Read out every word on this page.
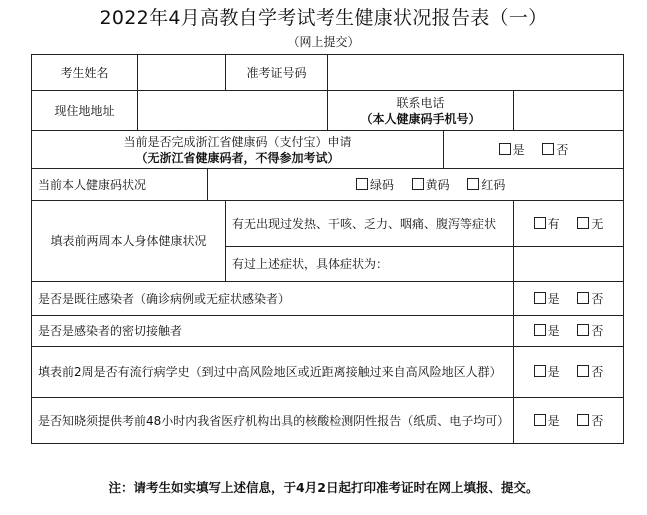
2022年4月高教自学考试考生健康状况报告表（一）
（网上提交）
考生姓名			准考证号码			
现住地地址				联系电话
（本人健康码手机号）		

当前是否完成浙江省健康码（支付宝）申请
（无浙江省健康码者，不得参加考试）					是 否	
当前本人健康码状况		绿码 黄码 红码				
填表前两周本人身体健康状况			有无出现过发热、干咳、乏力、咽痛、腹泻等症状			有 无
			有过上述症状，具体症状为：			
是否是既往感染者（确诊病例或无症状感染者）						是 否
是否是感染者的密切接触者						是 否
填表前2周是否有流行病学史（到过中高风险地区或近距离接触过来自高风险地区人群）						是 否
是否知晓须提供考前48小时内我省医疗机构出具的核酸检测阴性报告（纸质、电子均可）						是 否
注：请考生如实填写上述信息，于4月2日起打印准考证时在网上填报、提交。
